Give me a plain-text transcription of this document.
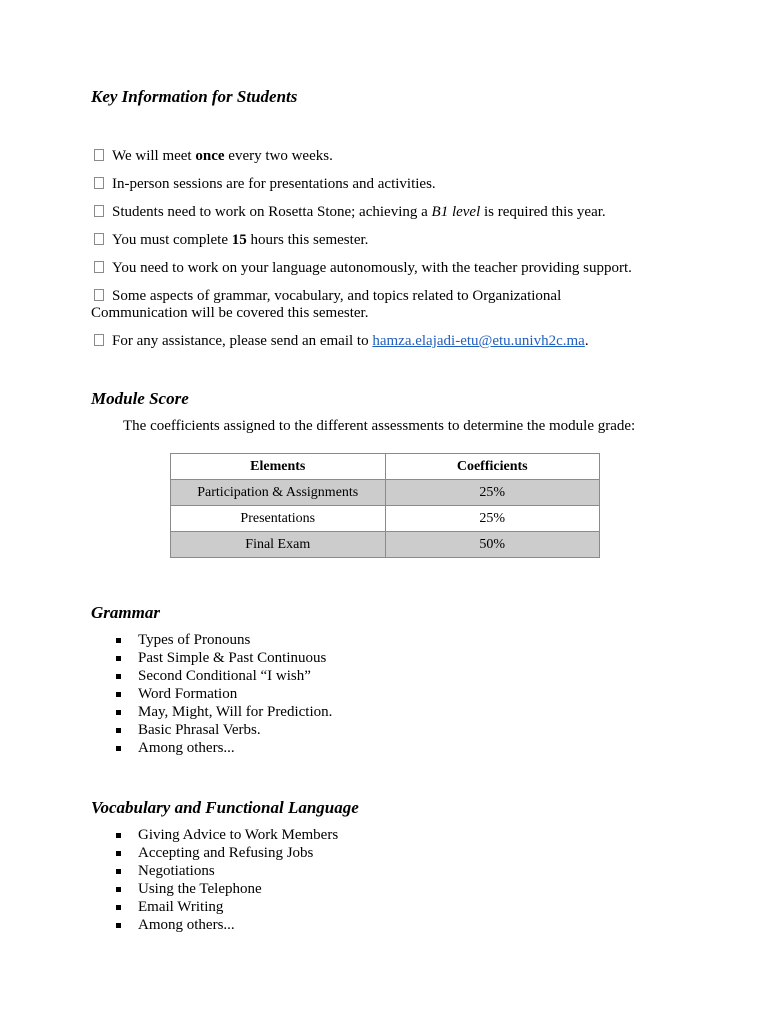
Key Information for Students

We will meet once every two weeks.

In-person sessions are for presentations and activities.

Students need to work on Rosetta Stone; achieving a B1 level is required this year.

You must complete 15 hours this semester.

You need to work on your language autonomously, with the teacher providing support.

Some aspects of grammar, vocabulary, and topics related to Organizational
Communication will be covered this semester.

For any assistance, please send an email to hamza.elajadi-etu@etu.univh2c.ma.

Module Score

The coefficients assigned to the different assessments to determine the module grade:

Elements	Coefficients
Participation & Assignments	25%
Presentations	25%
Final Exam	50%
Grammar
Types of Pronouns
Past Simple & Past Continuous
Second Conditional “I wish”
Word Formation
May, Might, Will for Prediction.
Basic Phrasal Verbs.
Among others...
Vocabulary and Functional Language
Giving Advice to Work Members
Accepting and Refusing Jobs
Negotiations
Using the Telephone
Email Writing
Among others...
